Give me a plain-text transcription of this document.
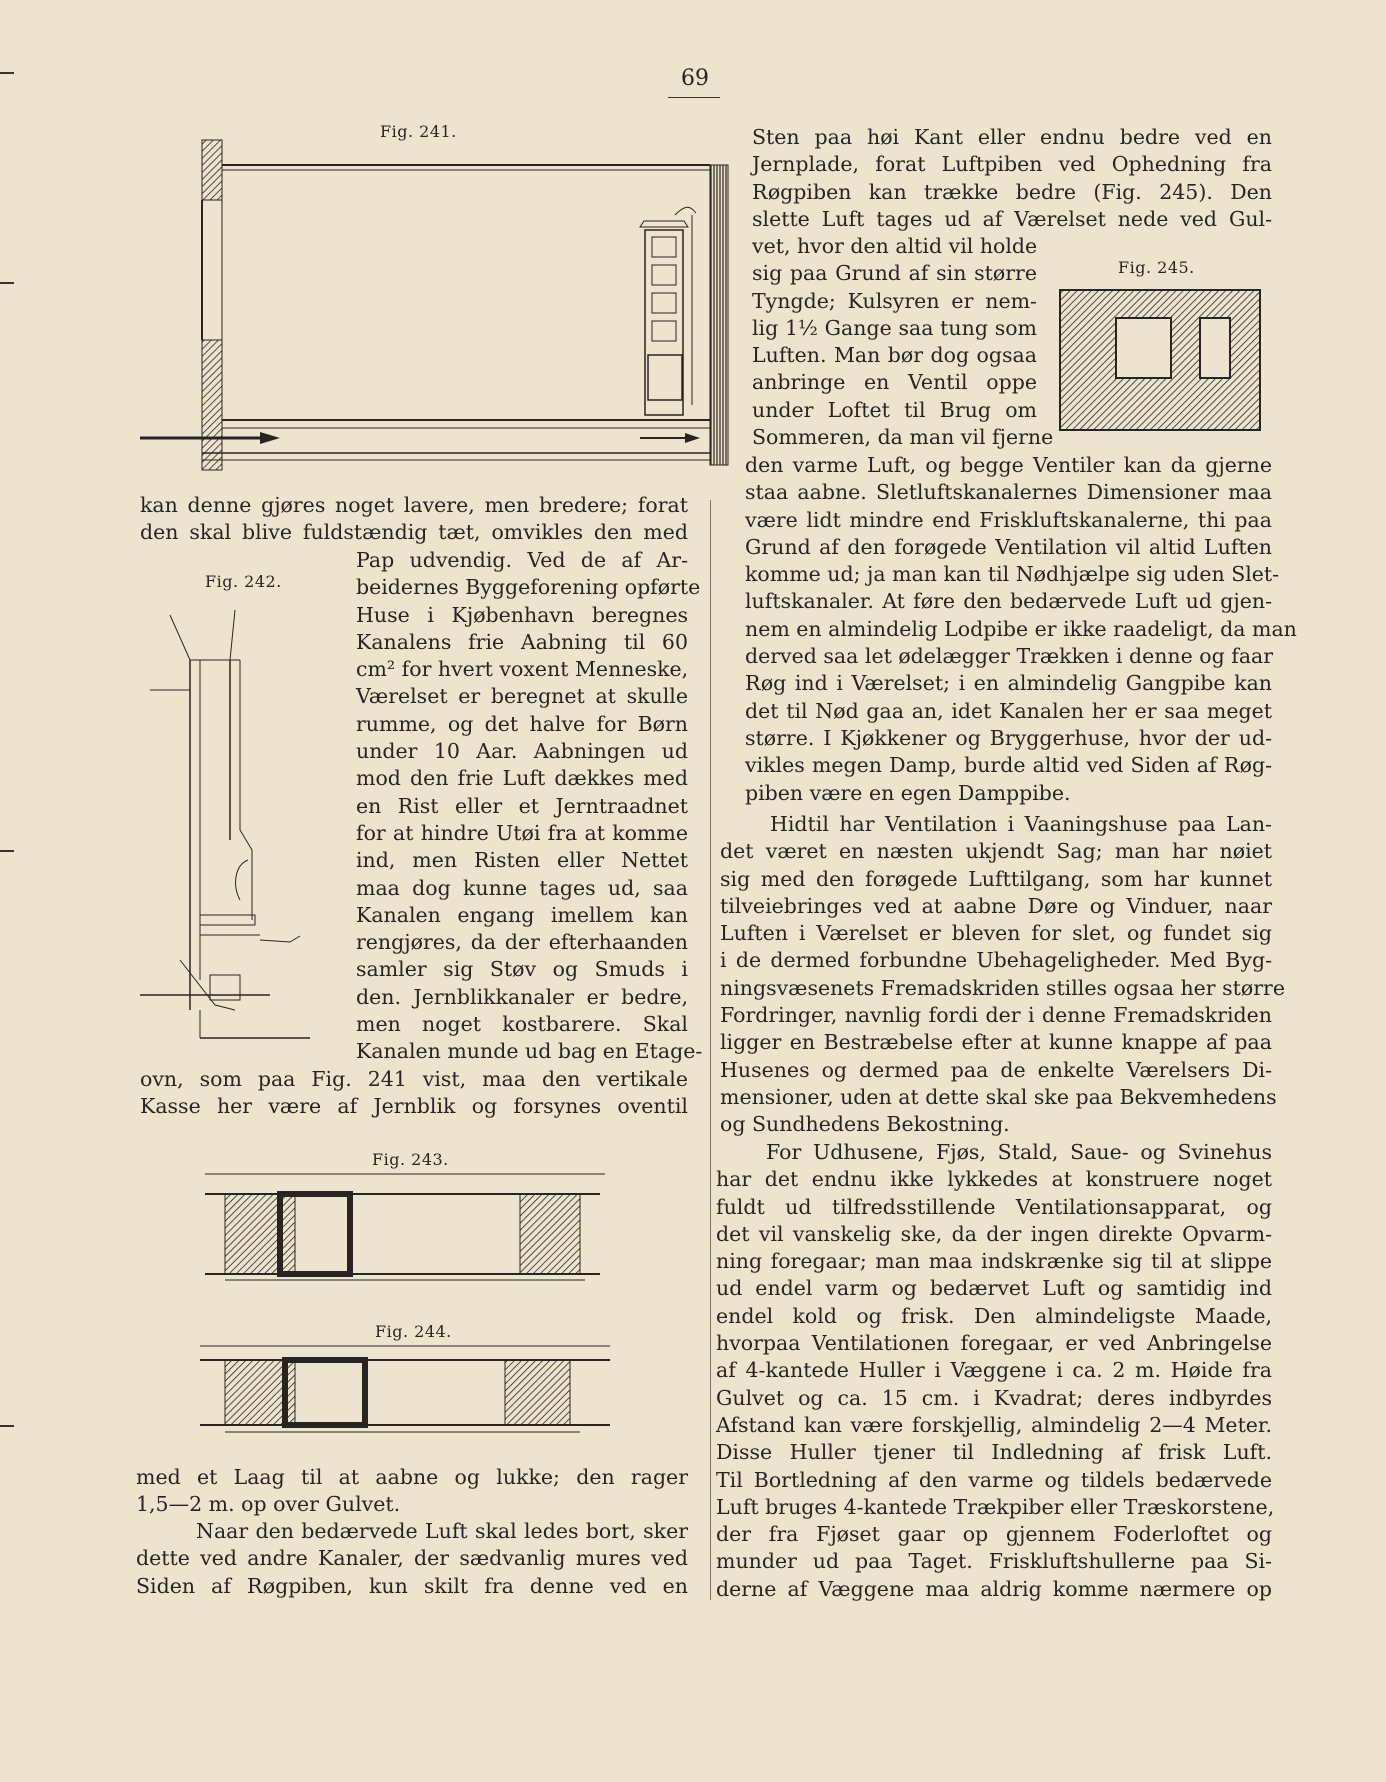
69
Fig. 241.
kan denne gjøres noget lavere, men bredere; forat
den skal blive fuldstændig tæt, omvikles den med
Fig. 242.
Pap udvendig. Ved de af Ar-
beidernes Byggeforening opførte
Huse i Kjøbenhavn beregnes
Kanalens frie Aabning til 60
cm² for hvert voxent Menneske,
Værelset er beregnet at skulle
rumme, og det halve for Børn
under 10 Aar. Aabningen ud
mod den frie Luft dækkes med
en Rist eller et Jerntraadnet
for at hindre Utøi fra at komme
ind, men Risten eller Nettet
maa dog kunne tages ud, saa
Kanalen engang imellem kan
rengjøres, da der efterhaanden
samler sig Støv og Smuds i
den. Jernblikkanaler er bedre,
men noget kostbarere. Skal
Kanalen munde ud bag en Etage-
ovn, som paa Fig. 241 vist, maa den vertikale
Kasse her være af Jernblik og forsynes oventil
Fig. 243.
Fig. 244.
med et Laag til at aabne og lukke; den rager
1,5—2 m. op over Gulvet.
Naar den bedærvede Luft skal ledes bort, sker
dette ved andre Kanaler, der sædvanlig mures ved
Siden af Røgpiben, kun skilt fra denne ved en
Sten paa høi Kant eller endnu bedre ved en
Jernplade, forat Luftpiben ved Ophedning fra
Røgpiben kan trække bedre (Fig. 245). Den
slette Luft tages ud af Værelset nede ved Gul-
vet, hvor den altid vil holde
sig paa Grund af sin større
Tyngde; Kulsyren er nem-
lig 1½ Gange saa tung som
Luften. Man bør dog ogsaa
anbringe en Ventil oppe
under Loftet til Brug om
Sommeren, da man vil fjerne
Fig. 245.
den varme Luft, og begge Ventiler kan da gjerne
staa aabne. Sletluftskanalernes Dimensioner maa
være lidt mindre end Friskluftskanalerne, thi paa
Grund af den forøgede Ventilation vil altid Luften
komme ud; ja man kan til Nødhjælpe sig uden Slet-
luftskanaler. At føre den bedærvede Luft ud gjen-
nem en almindelig Lodpibe er ikke raadeligt, da man
derved saa let ødelægger Trækken i denne og faar
Røg ind i Værelset; i en almindelig Gangpibe kan
det til Nød gaa an, idet Kanalen her er saa meget
større. I Kjøkkener og Bryggerhuse, hvor der ud-
vikles megen Damp, burde altid ved Siden af Røg-
piben være en egen Damppibe.
Hidtil har Ventilation i Vaaningshuse paa Lan-
det været en næsten ukjendt Sag; man har nøiet
sig med den forøgede Lufttilgang, som har kunnet
tilveiebringes ved at aabne Døre og Vinduer, naar
Luften i Værelset er bleven for slet, og fundet sig
i de dermed forbundne Ubehageligheder. Med Byg-
ningsvæsenets Fremadskriden stilles ogsaa her større
Fordringer, navnlig fordi der i denne Fremadskriden
ligger en Bestræbelse efter at kunne knappe af paa
Husenes og dermed paa de enkelte Værelsers Di-
mensioner, uden at dette skal ske paa Bekvemhedens
og Sundhedens Bekostning.
For Udhusene, Fjøs, Stald, Saue- og Svinehus
har det endnu ikke lykkedes at konstruere noget
fuldt ud tilfredsstillende Ventilationsapparat, og
det vil vanskelig ske, da der ingen direkte Opvarm-
ning foregaar; man maa indskrænke sig til at slippe
ud endel varm og bedærvet Luft og samtidig ind
endel kold og frisk. Den almindeligste Maade,
hvorpaa Ventilationen foregaar, er ved Anbringelse
af 4-kantede Huller i Væggene i ca. 2 m. Høide fra
Gulvet og ca. 15 cm. i Kvadrat; deres indbyrdes
Afstand kan være forskjellig, almindelig 2—4 Meter.
Disse Huller tjener til Indledning af frisk Luft.
Til Bortledning af den varme og tildels bedærvede
Luft bruges 4-kantede Trækpiber eller Træskorstene,
der fra Fjøset gaar op gjennem Foderloftet og
munder ud paa Taget. Friskluftshullerne paa Si-
derne af Væggene maa aldrig komme nærmere op
